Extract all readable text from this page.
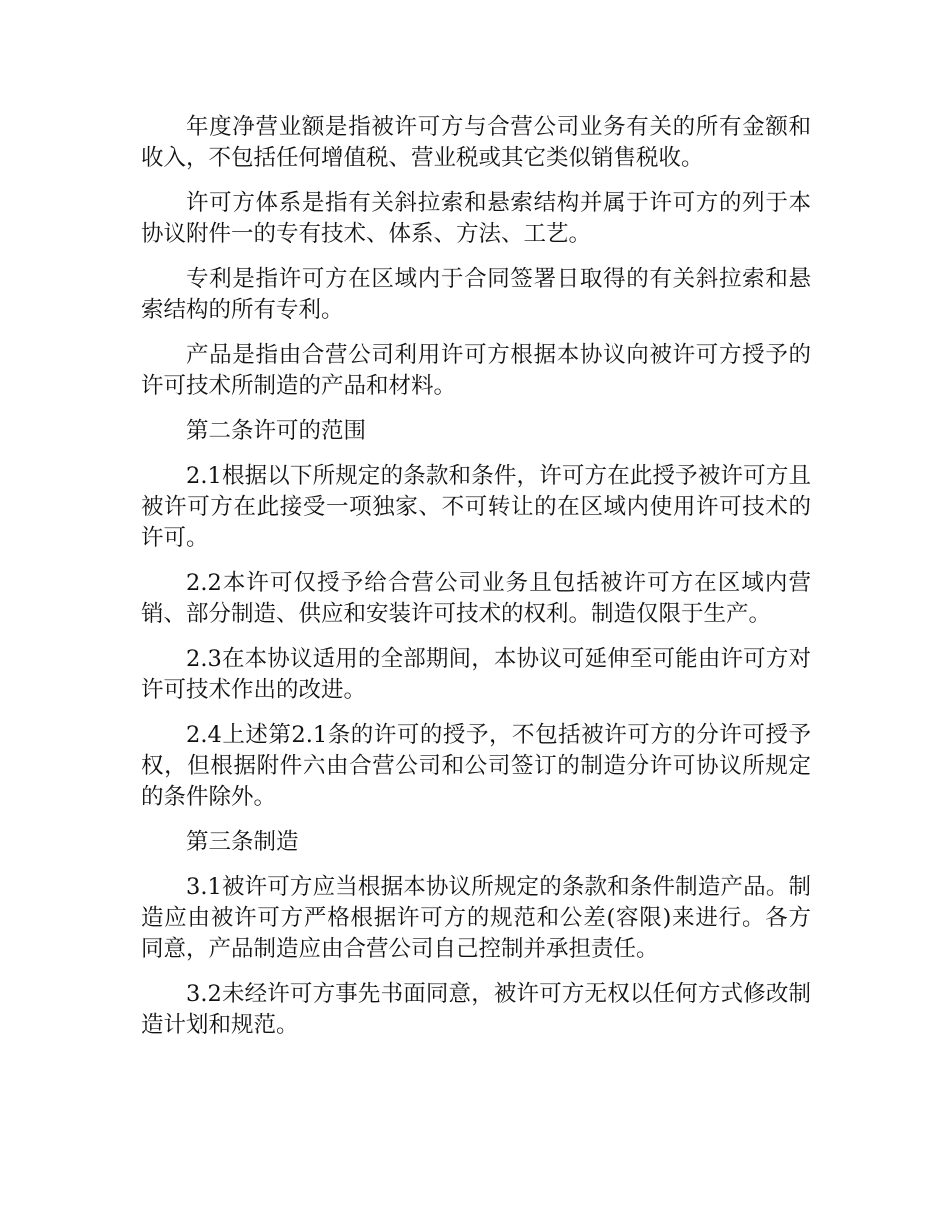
年度净营业额是指被许可方与合营公司业务有关的所有金额和收入，不包括任何增值税、营业税或其它类似销售税收。

许可方体系是指有关斜拉索和悬索结构并属于许可方的列于本协议附件一的专有技术、体系、方法、工艺。

专利是指许可方在区域内于合同签署日取得的有关斜拉索和悬索结构的所有专利。

产品是指由合营公司利用许可方根据本协议向被许可方授予的许可技术所制造的产品和材料。

第二条许可的范围

2.1根据以下所规定的条款和条件，许可方在此授予被许可方且被许可方在此接受一项独家、不可转让的在区域内使用许可技术的许可。

2.2本许可仅授予给合营公司业务且包括被许可方在区域内营销、部分制造、供应和安装许可技术的权利。制造仅限于生产。

2.3在本协议适用的全部期间，本协议可延伸至可能由许可方对许可技术作出的改进。

2.4上述第2.1条的许可的授予，不包括被许可方的分许可授予权，但根据附件六由合营公司和公司签订的制造分许可协议所规定的条件除外。

第三条制造

3.1被许可方应当根据本协议所规定的条款和条件制造产品。制造应由被许可方严格根据许可方的规范和公差(容限)来进行。各方同意，产品制造应由合营公司自己控制并承担责任。

3.2未经许可方事先书面同意，被许可方无权以任何方式修改制造计划和规范。
